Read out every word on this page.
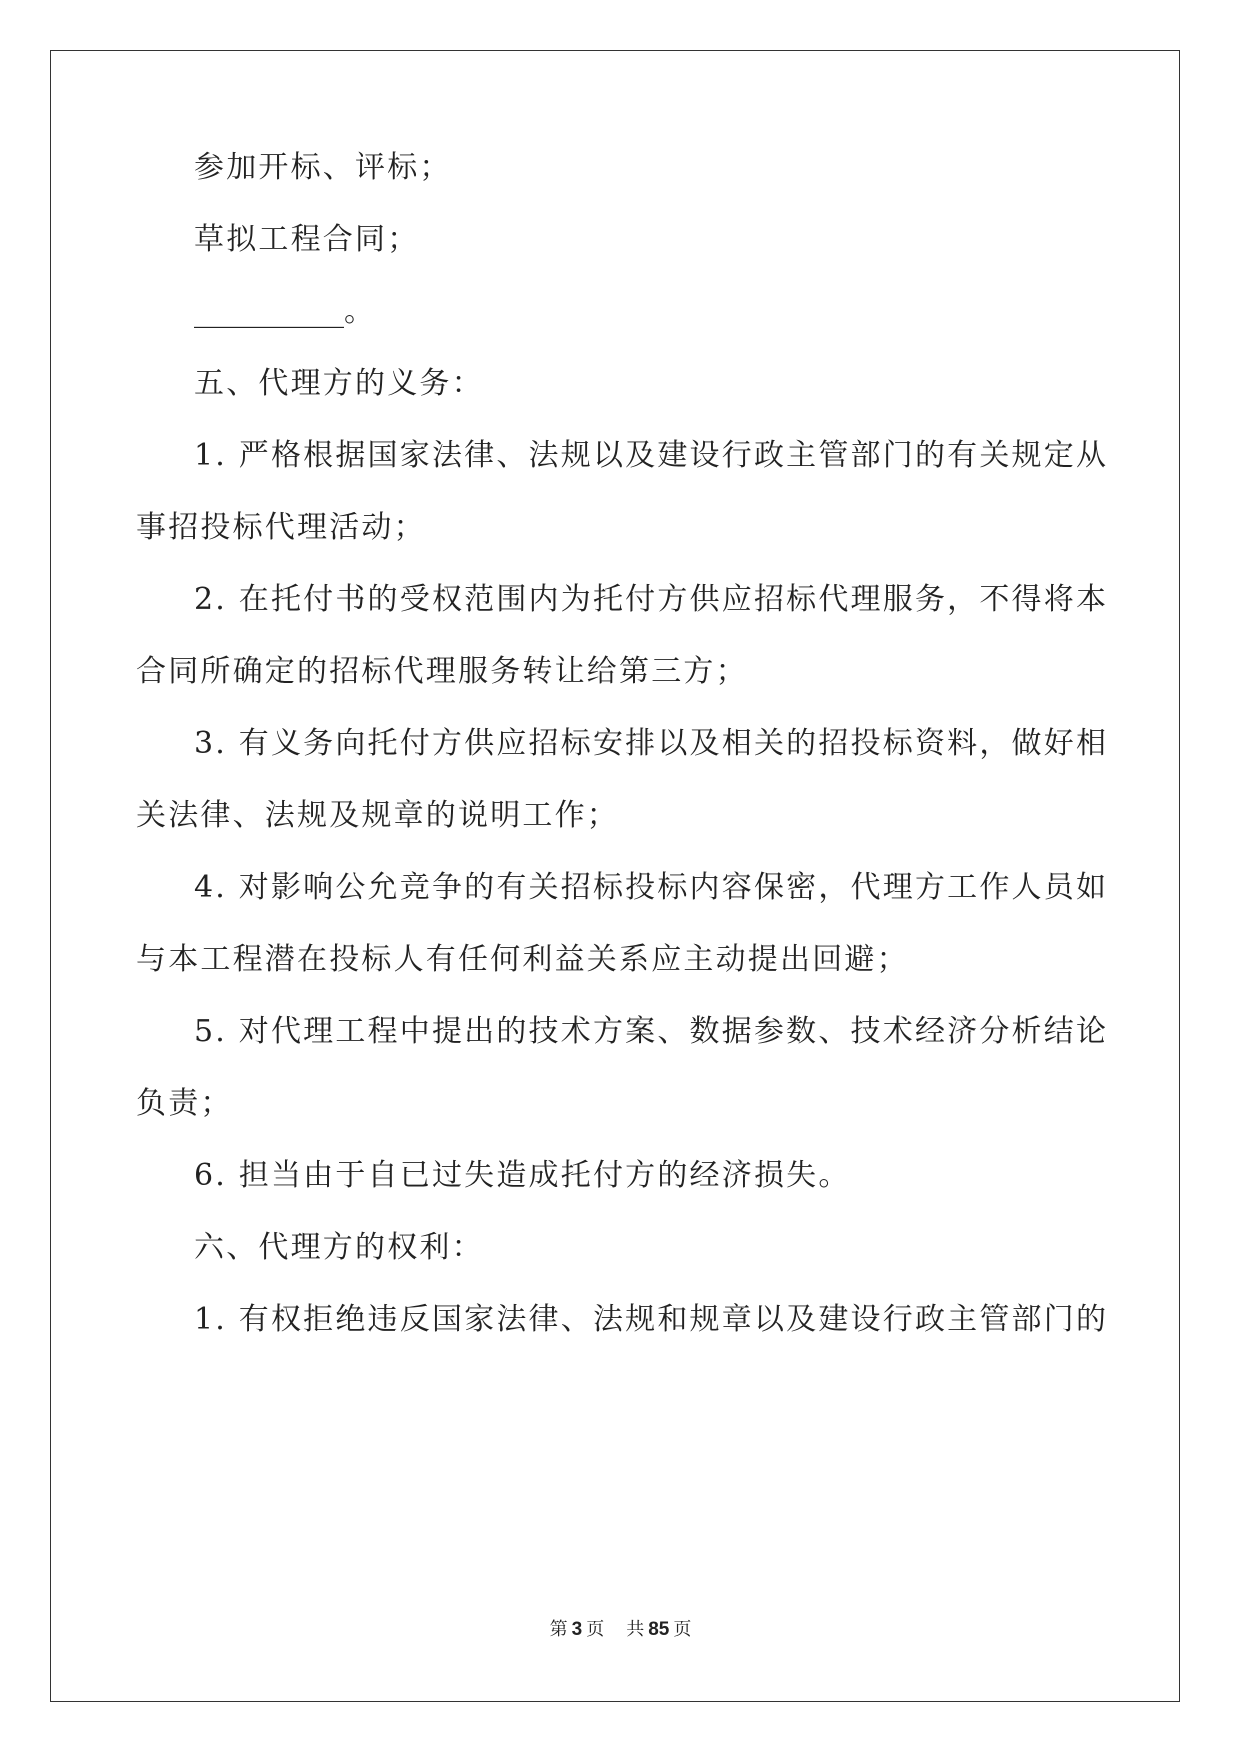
参加开标、评标；
草拟工程合同；
__________。
五、代理方的义务：
1. 严格根据国家法律、法规以及建设行政主管部门的有关规定从
事招投标代理活动；
2. 在托付书的受权范围内为托付方供应招标代理服务，不得将本
合同所确定的招标代理服务转让给第三方；
3. 有义务向托付方供应招标安排以及相关的招投标资料，做好相
关法律、法规及规章的说明工作；
4. 对影响公允竞争的有关招标投标内容保密，代理方工作人员如
与本工程潜在投标人有任何利益关系应主动提出回避；
5. 对代理工程中提出的技术方案、数据参数、技术经济分析结论
负责；
6. 担当由于自已过失造成托付方的经济损失。
六、代理方的权利：
1. 有权拒绝违反国家法律、法规和规章以及建设行政主管部门的
第 3 页 共 85 页
